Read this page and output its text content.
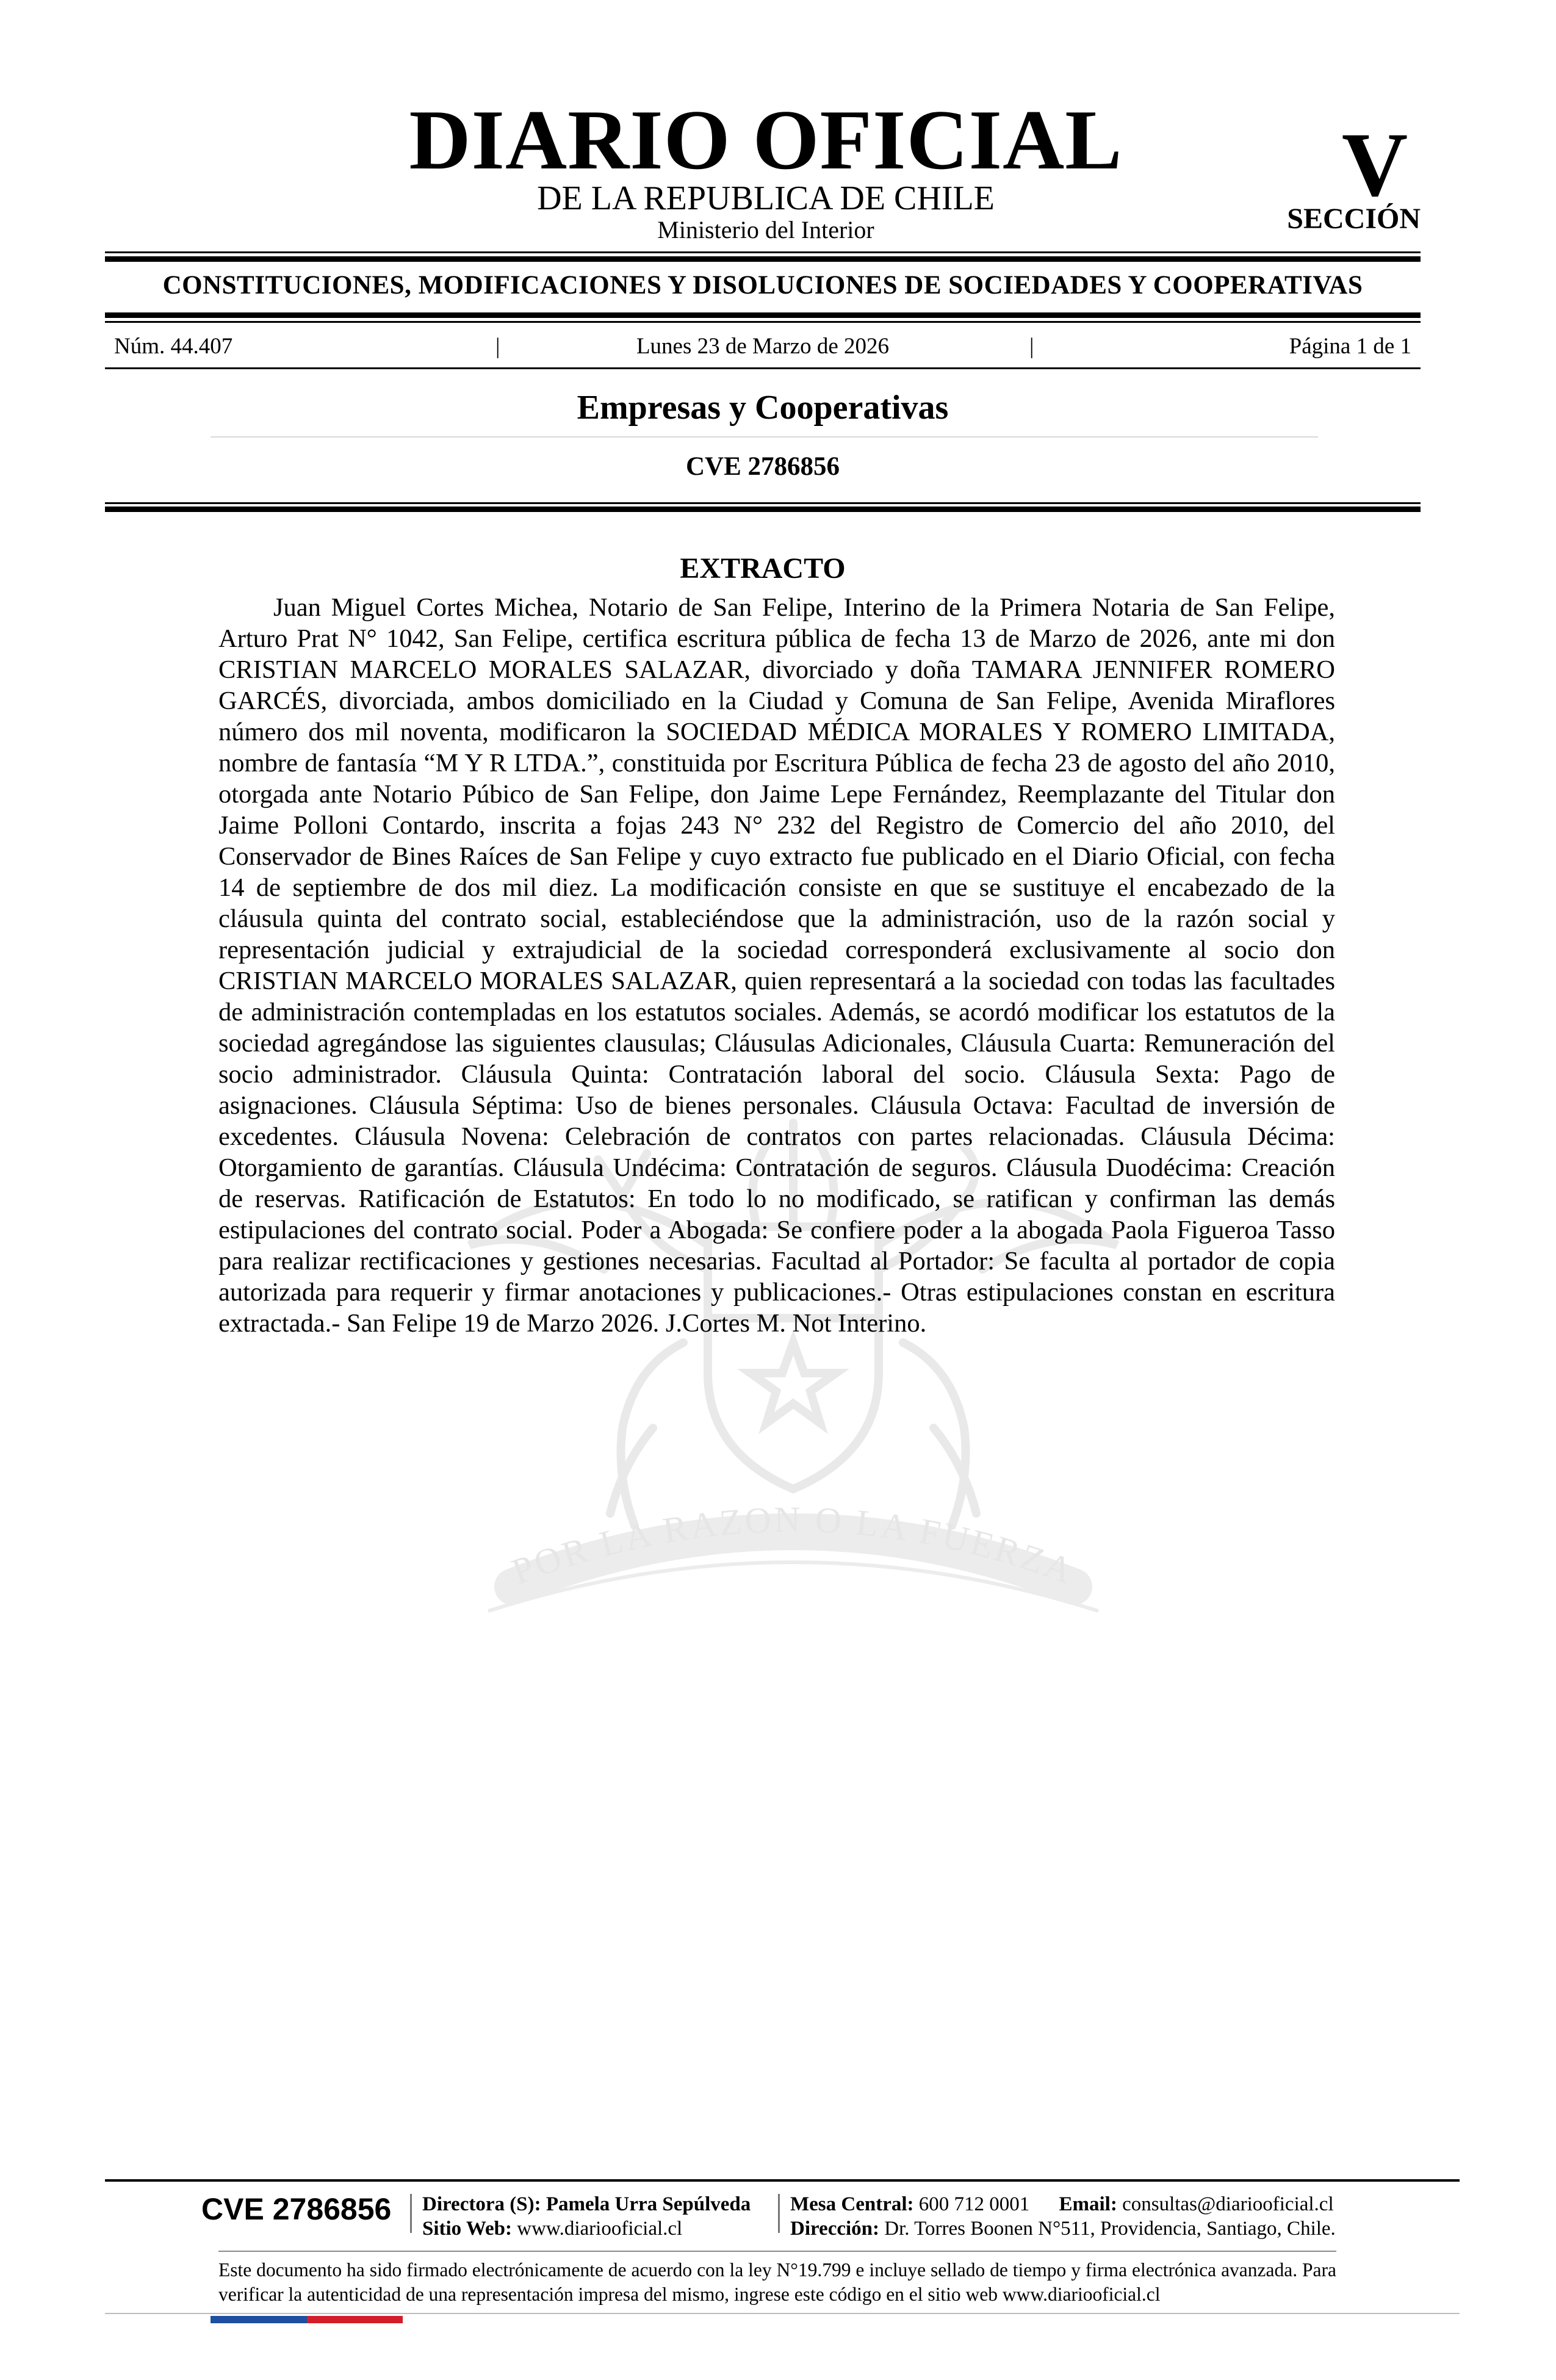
DIARIO OFICIAL
DE LA REPUBLICA DE CHILE
Ministerio del Interior
V
SECCIÓN
CONSTITUCIONES, MODIFICACIONES Y DISOLUCIONES DE SOCIEDADES Y COOPERATIVAS
Núm. 44.407	|	Lunes 23 de Marzo de 2026	|	Página 1 de 1
Empresas y Cooperativas
CVE 2786856
POR LA RAZON O LA FUERZA
EXTRACTO

Juan Miguel Cortes Michea, Notario de San Felipe, Interino de la Primera Notaria de San Felipe, Arturo Prat N° 1042, San Felipe, certifica escritura pública de fecha 13 de Marzo de 2026, ante mi don CRISTIAN MARCELO MORALES SALAZAR, divorciado y doña TAMARA JENNIFER ROMERO GARCÉS, divorciada, ambos domiciliado en la Ciudad y Comuna de San Felipe, Avenida Miraflores número dos mil noventa, modificaron la SOCIEDAD MÉDICA MORALES Y ROMERO LIMITADA, nombre de fantasía “M Y R LTDA.”, constituida por Escritura Pública de fecha 23 de agosto del año 2010, otorgada ante Notario Púbico de San Felipe, don Jaime Lepe Fernández, Reemplazante del Titular don Jaime Polloni Contardo, inscrita a fojas 243 N° 232 del Registro de Comercio del año 2010, del Conservador de Bines Raíces de San Felipe y cuyo extracto fue publicado en el Diario Oficial, con fecha 14 de septiembre de dos mil diez. La modificación consiste en que se sustituye el encabezado de la cláusula quinta del contrato social, estableciéndose que la administración, uso de la razón social y representación judicial y extrajudicial de la sociedad corresponderá exclusivamente al socio don CRISTIAN MARCELO MORALES SALAZAR, quien representará a la sociedad con todas las facultades de administración contempladas en los estatutos sociales. Además, se acordó modificar los estatutos de la sociedad agregándose las siguientes clausulas; Cláusulas Adicionales, Cláusula Cuarta: Remuneración del socio administrador. Cláusula Quinta: Contratación laboral del socio. Cláusula Sexta: Pago de asignaciones. Cláusula Séptima: Uso de bienes personales. Cláusula Octava: Facultad de inversión de excedentes. Cláusula Novena: Celebración de contratos con partes relacionadas. Cláusula Décima: Otorgamiento de garantías. Cláusula Undécima: Contratación de seguros. Cláusula Duodécima: Creación de reservas. Ratificación de Estatutos: En todo lo no modificado, se ratifican y confirman las demás estipulaciones del contrato social. Poder a Abogada: Se confiere poder a la abogada Paola Figueroa Tasso para realizar rectificaciones y gestiones necesarias. Facultad al Portador: Se faculta al portador de copia autorizada para requerir y firmar anotaciones y publicaciones.- Otras estipulaciones constan en escritura extractada.- San Felipe 19 de Marzo 2026. J.Cortes M. Not Interino.

CVE 2786856	Directora (S): Pamela Urra Sepúlveda
Sitio Web: www.diariooficial.cl
Mesa Central: 600 712 0001 Email: consultas@diariooficial.cl
Dirección: Dr. Torres Boonen N°511, Providencia, Santiago, Chile.
Este documento ha sido firmado electrónicamente de acuerdo con la ley N°19.799 e incluye sellado de tiempo y firma electrónica avanzada. Para verificar la autenticidad de una representación impresa del mismo, ingrese este código en el sitio web www.diariooficial.cl
